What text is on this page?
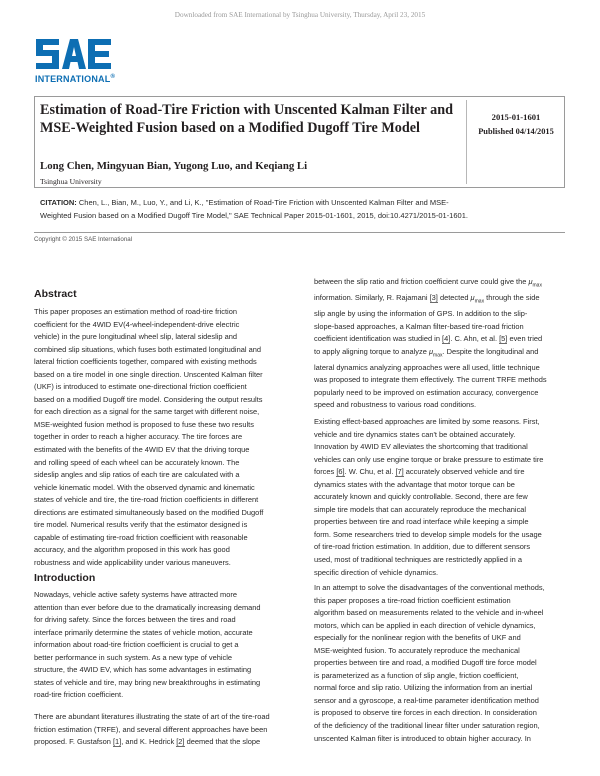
Downloaded from SAE International by Tsinghua University, Thursday, April 23, 2015
INTERNATIONAL®
Estimation of Road-Tire Friction with Unscented Kalman Filter and MSE-Weighted Fusion based on a Modified Dugoff Tire Model
2015-01-1601
Published 04/14/2015
Long Chen, Mingyuan Bian, Yugong Luo, and Keqiang Li
Tsinghua University
CITATION: Chen, L., Bian, M., Luo, Y., and Li, K., "Estimation of Road-Tire Friction with Unscented Kalman Filter and MSE-
Weighted Fusion based on a Modified Dugoff Tire Model," SAE Technical Paper 2015-01-1601, 2015, doi:10.4271/2015-01-1601.
Copyright © 2015 SAE International
Abstract

This paper proposes an estimation method of road-tire friction

coefficient for the 4WID EV(4-wheel-independent-drive electric

vehicle) in the pure longitudinal wheel slip, lateral sideslip and

combined slip situations, which fuses both estimated longitudinal and

lateral friction coefficients together, compared with existing methods

based on a tire model in one single direction. Unscented Kalman filter

(UKF) is introduced to estimate one-directional friction coefficient

based on a modified Dugoff tire model. Considering the output results

for each direction as a signal for the same target with different noise,

MSE-weighted fusion method is proposed to fuse these two results

together in order to reach a higher accuracy. The tire forces are

estimated with the benefits of the 4WID EV that the driving torque

and rolling speed of each wheel can be accurately known. The

sideslip angles and slip ratios of each tire are calculated with a

vehicle kinematic model. With the observed dynamic and kinematic

states of vehicle and tire, the tire-road friction coefficients in different

directions are estimated simultaneously based on the modified Dugoff

tire model. Numerical results verify that the estimator designed is

capable of estimating tire-road friction coefficient with reasonable

accuracy, and the algorithm proposed in this work has good

robustness and wide applicability under various maneuvers.

Introduction

Nowadays, vehicle active safety systems have attracted more

attention than ever before due to the dramatically increasing demand

for driving safety. Since the forces between the tires and road

interface primarily determine the states of vehicle motion, accurate

information about road-tire friction coefficient is crucial to get a

better performance in such system. As a new type of vehicle

structure, the 4WID EV, which has some advantages in estimating

states of vehicle and tire, may bring new breakthroughs in estimating

road-tire friction coefficient.

There are abundant literatures illustrating the state of art of the tire-road

friction estimation (TRFE), and several different approaches have been

proposed. F. Gustafson [1], and K. Hedrick [2] deemed that the slope

between the slip ratio and friction coefficient curve could give the $\mu_{max}$

information. Similarly, R. Rajamani [3] detected $\mu_{max}$ through the side

slip angle by using the information of GPS. In addition to the slip-

slope-based approaches, a Kalman filter-based tire-road friction

coefficient identification was studied in [4]. C. Ahn, et al. [5] even tried

to apply aligning torque to analyze $\mu_{max}$. Despite the longitudinal and

lateral dynamics analyzing approaches were all used, little technique

was proposed to integrate them effectively. The current TRFE methods

popularly need to be improved on estimation accuracy, convergence

speed and robustness to various road conditions.

Existing effect-based approaches are limited by some reasons. First,

vehicle and tire dynamics states can't be obtained accurately.

Innovation by 4WID EV alleviates the shortcoming that traditional

vehicles can only use engine torque or brake pressure to estimate tire

forces [6]. W. Chu, et al. [7] accurately observed vehicle and tire

dynamics states with the advantage that motor torque can be

accurately known and quickly controllable. Second, there are few

simple tire models that can accurately reproduce the mechanical

properties between tire and road interface while keeping a simple

form. Some researchers tried to develop simple models for the usage

of tire-road friction estimation. In addition, due to different sensors

used, most of traditional techniques are restrictedly applied in a

specific direction of vehicle dynamics.

In an attempt to solve the disadvantages of the conventional methods,

this paper proposes a tire-road friction coefficient estimation

algorithm based on measurements related to the vehicle and in-wheel

motors, which can be applied in each direction of vehicle dynamics,

especially for the nonlinear region with the benefits of UKF and

MSE-weighted fusion. To accurately reproduce the mechanical

properties between tire and road, a modified Dugoff tire force model

is parameterized as a function of slip angle, friction coefficient,

normal force and slip ratio. Utilizing the information from an inertial

sensor and a gyroscope, a real-time parameter identification method

is proposed to observe tire forces in each direction. In consideration

of the deficiency of the traditional linear filter under saturation region,

unscented Kalman filter is introduced to obtain higher accuracy. In
